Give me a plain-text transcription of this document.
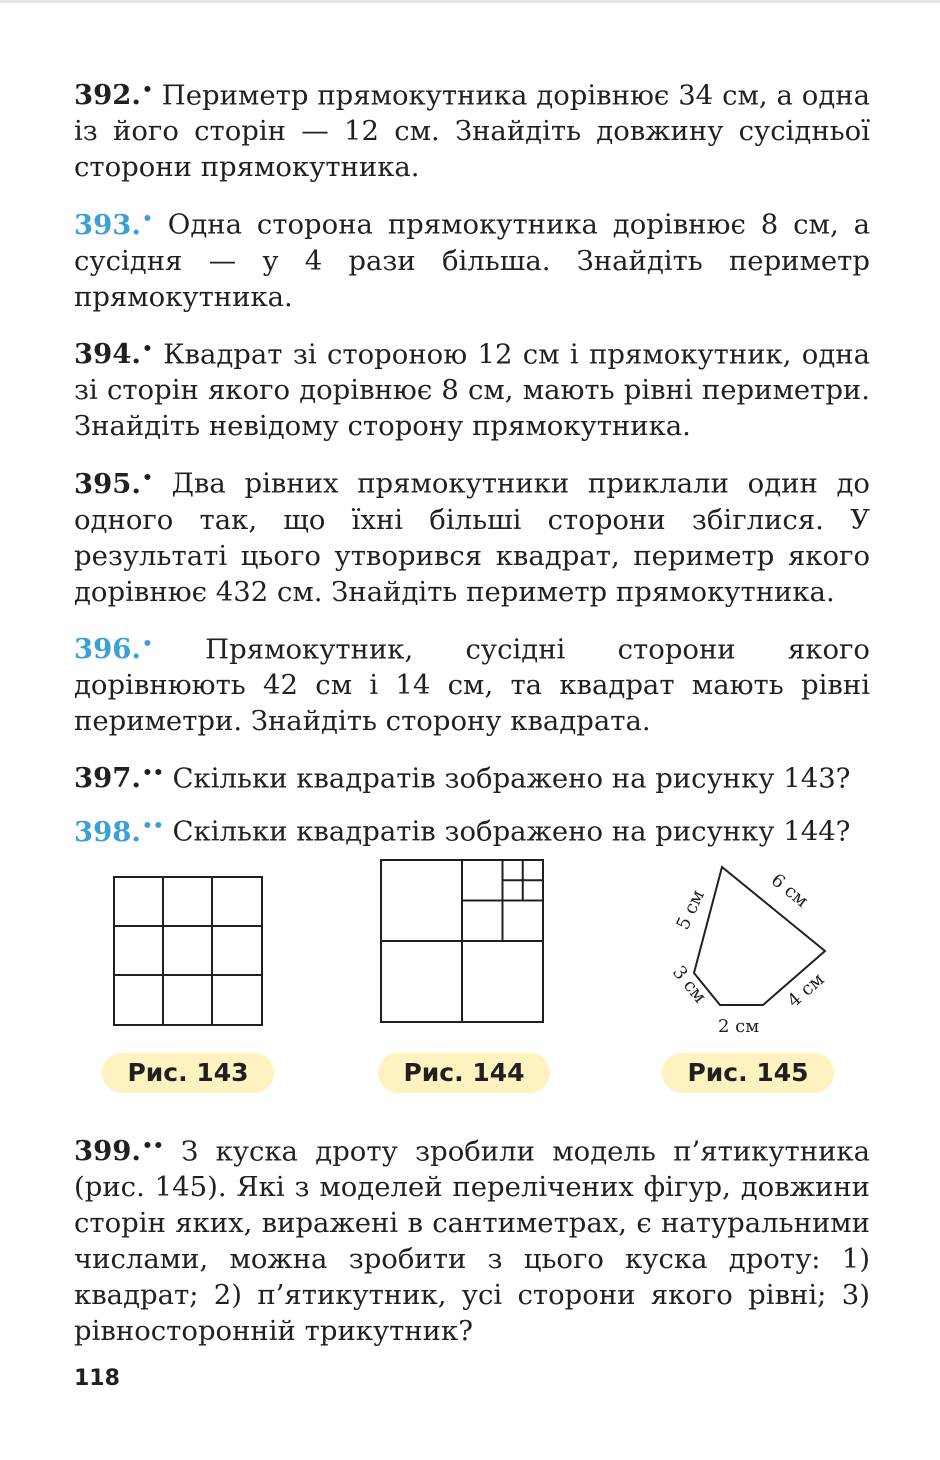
392.• Периметр прямокутника дорівнює 34 см, а одна із його сторін — 12 см. Знайдіть довжину сусідньої сторони прямокутника.
393.• Одна сторона прямокутника дорівнює 8 см, а сусідня — у 4 рази більша. Знайдіть периметр прямокутника.
394.• Квадрат зі стороною 12 см і прямокутник, одна зі сторін якого дорівнює 8 см, мають рівні периметри. Знайдіть невідому сторону прямокутника.
395.• Два рівних прямокутники приклали один до одного так, що їхні більші сторони збіглися. У результаті цього утворився квадрат, периметр якого дорівнює 432 см. Знайдіть периметр прямокутника.
396.• Прямокутник, сусідні сторони якого дорівнюють 42 см і 14 см, та квадрат мають рівні периметри. Знайдіть сторону квадрата.
397.•• Скільки квадратів зображено на рисунку 143?
398.•• Скільки квадратів зображено на рисунку 144?
Рис. 143	Рис. 144
5 см	6 см
4 см
2 см
3 см
Рис. 145
399.•• З куска дроту зробили модель п’ятикутника (рис. 145). Які з моделей перелічених фігур, довжини сторін яких, виражені в сантиметрах, є натуральними числами, можна зробити з цього куска дроту: 1) квадрат; 2) п’ятикутник, усі сторони якого рівні; 3) рівносторонній трикутник?
118
